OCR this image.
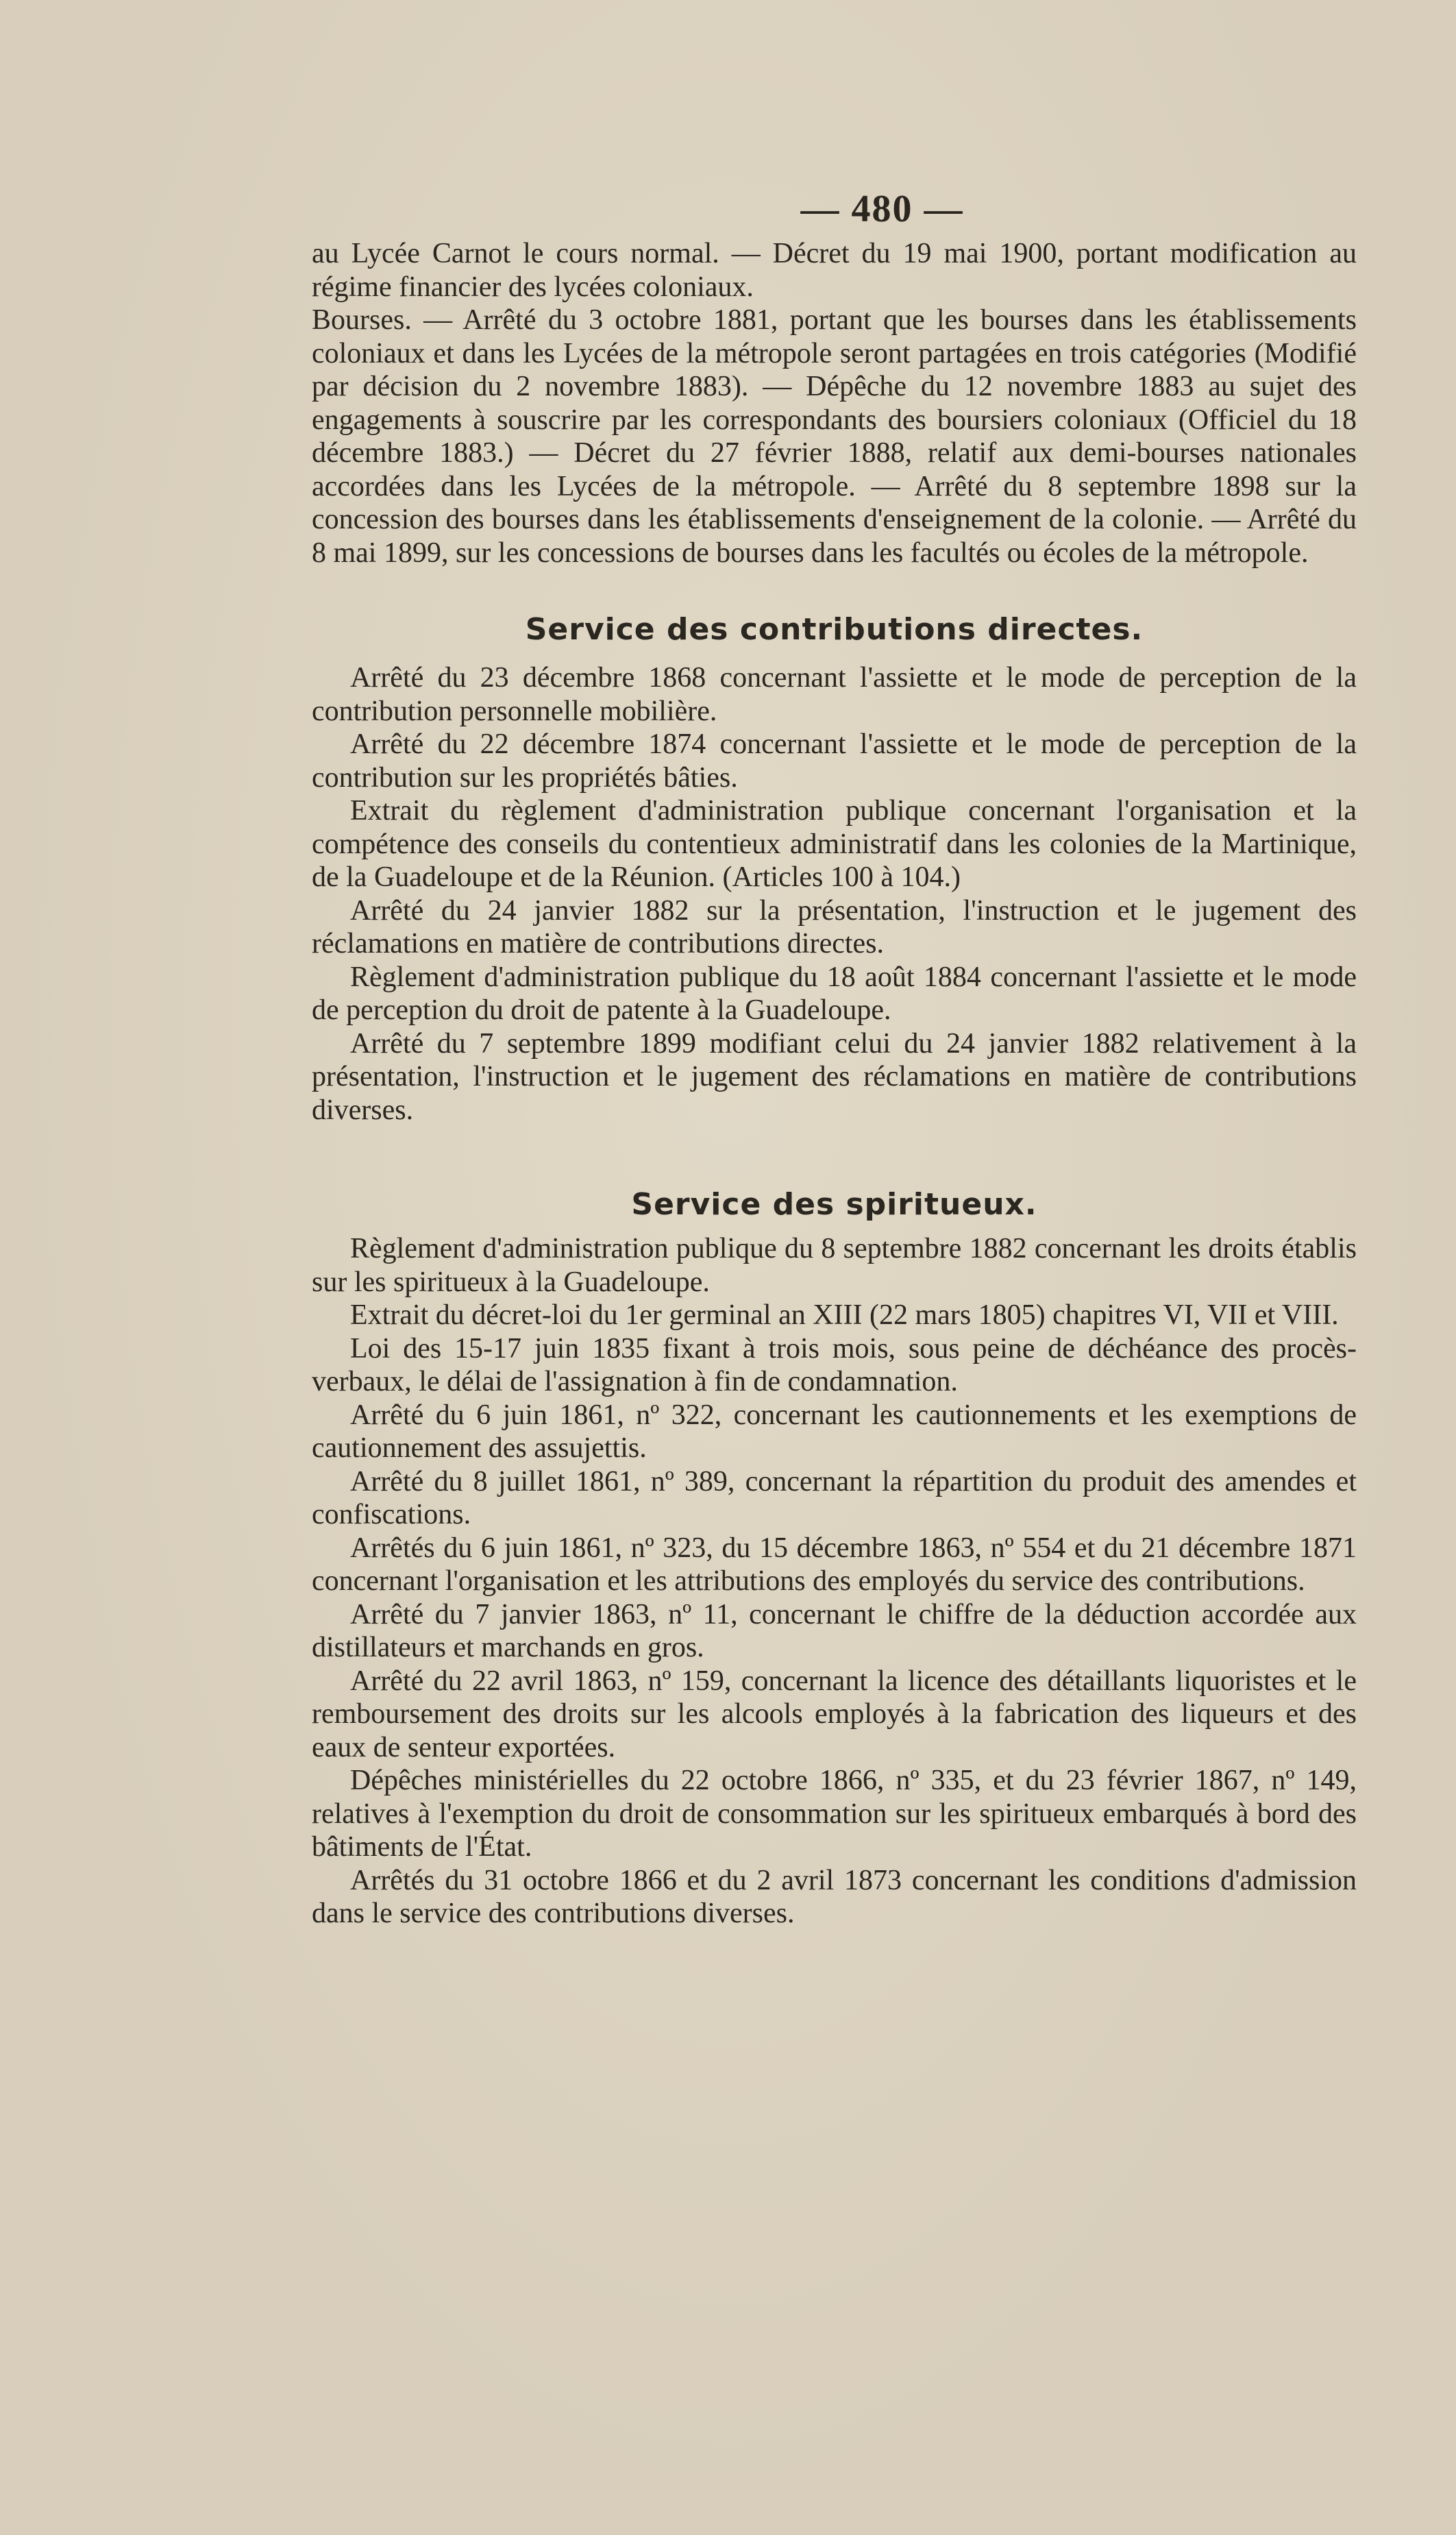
— 480 —

au Lycée Carnot le cours normal. — Décret du 19 mai 1900, portant modification au régime financier des lycées coloniaux.

Bourses. — Arrêté du 3 octobre 1881, portant que les bourses dans les établissements coloniaux et dans les Lycées de la métropole seront partagées en trois catégories (Modifié par décision du 2 novembre 1883). — Dépêche du 12 novembre 1883 au sujet des engagements à souscrire par les correspondants des boursiers coloniaux (Officiel du 18 décembre 1883.) — Décret du 27 février 1888, relatif aux demi-bourses nationales accordées dans les Lycées de la métropole. — Arrêté du 8 septembre 1898 sur la concession des bourses dans les établissements d'enseignement de la colonie. — Arrêté du 8 mai 1899, sur les concessions de bourses dans les facultés ou écoles de la métropole.

Service des contributions directes.

Arrêté du 23 décembre 1868 concernant l'assiette et le mode de perception de la contribution personnelle mobilière.

Arrêté du 22 décembre 1874 concernant l'assiette et le mode de perception de la contribution sur les propriétés bâties.

Extrait du règlement d'administration publique concernant l'organisation et la compétence des conseils du contentieux administratif dans les colonies de la Martinique, de la Guadeloupe et de la Réunion. (Articles 100 à 104.)

Arrêté du 24 janvier 1882 sur la présentation, l'instruction et le jugement des réclamations en matière de contributions directes.

Règlement d'administration publique du 18 août 1884 concernant l'assiette et le mode de perception du droit de patente à la Guadeloupe.

Arrêté du 7 septembre 1899 modifiant celui du 24 janvier 1882 relativement à la présentation, l'instruction et le jugement des réclamations en matière de contributions diverses.

Service des spiritueux.

Règlement d'administration publique du 8 septembre 1882 concernant les droits établis sur les spiritueux à la Guadeloupe.

Extrait du décret-loi du 1er germinal an XIII (22 mars 1805) chapitres VI, VII et VIII.

Loi des 15-17 juin 1835 fixant à trois mois, sous peine de déchéance des procès-verbaux, le délai de l'assignation à fin de condamnation.

Arrêté du 6 juin 1861, nº 322, concernant les cautionnements et les exemptions de cautionnement des assujettis.

Arrêté du 8 juillet 1861, nº 389, concernant la répartition du produit des amendes et confiscations.

Arrêtés du 6 juin 1861, nº 323, du 15 décembre 1863, nº 554 et du 21 décembre 1871 concernant l'organisation et les attributions des employés du service des contributions.

Arrêté du 7 janvier 1863, nº 11, concernant le chiffre de la déduction accordée aux distillateurs et marchands en gros.

Arrêté du 22 avril 1863, nº 159, concernant la licence des détaillants liquoristes et le remboursement des droits sur les alcools employés à la fabrication des liqueurs et des eaux de senteur exportées.

Dépêches ministérielles du 22 octobre 1866, nº 335, et du 23 février 1867, nº 149, relatives à l'exemption du droit de consommation sur les spiritueux embarqués à bord des bâtiments de l'État.

Arrêtés du 31 octobre 1866 et du 2 avril 1873 concernant les conditions d'admission dans le service des contributions diverses.
